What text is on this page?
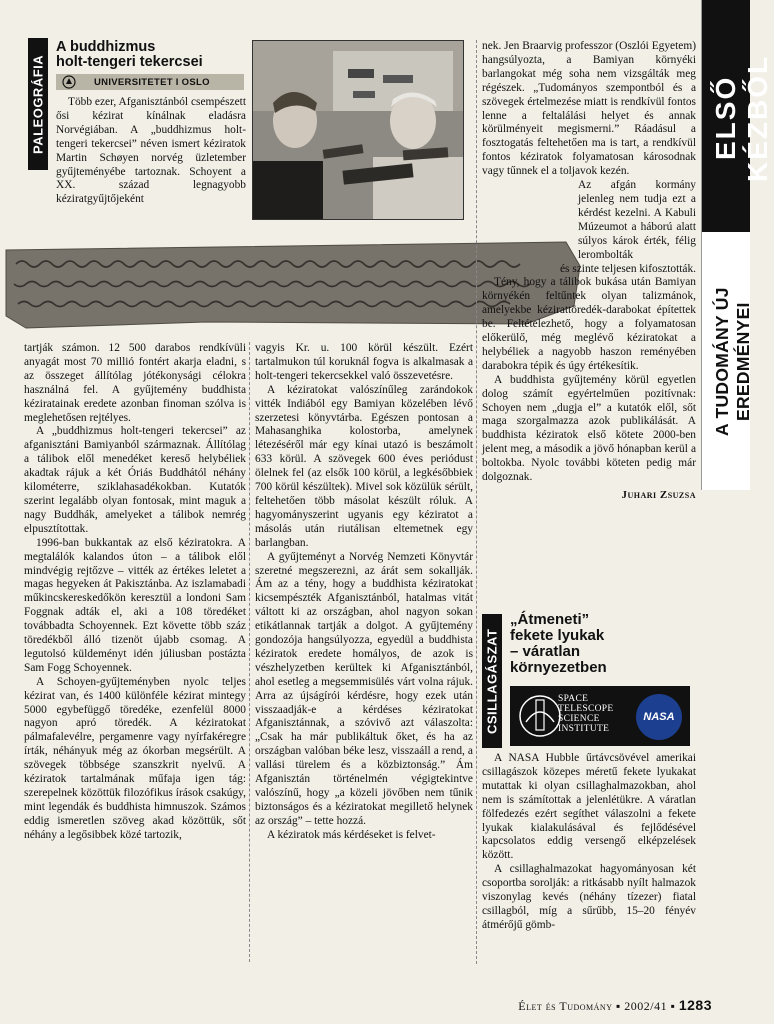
ELSŐ KÉZBŐL
A TUDOMÁNY ÚJ EREDMÉNYEI
PALEOGRÁFIA
A buddhizmus
holt-tengeri tekercsei
UNIVERSITETET I OSLO

Több ezer, Afganisztánból csempészett ősi kézirat kínálnak eladásra Norvégiában. A „buddhizmus holt-tengeri tekercsei” néven ismert kéziratok Martin Schøyen norvég üzletember gyűjteményébe tartoznak. Schoyent a XX. század legnagyobb kéziratgyűjtőjeként

tartják számon. 12 500 darabos rendkívüli anyagát most 70 millió fontért akarja eladni, s az összeget állítólag jótékonysági célokra használná fel. A gyűjtemény buddhista kéziratainak eredete azonban finoman szólva is meglehetősen rejtélyes.

A „buddhizmus holt-tengeri tekercsei” az afganisztáni Bamiyanból származnak. Állítólag a tálibok elől menedéket kereső helybéliek akadtak rájuk a két Óriás Buddhától néhány kilométerre, sziklahasadékokban. Kutatók szerint legalább olyan fontosak, mint maguk a nagy Buddhák, amelyeket a tálibok nemrég elpusztítottak.

1996-ban bukkantak az első kéziratokra. A megtalálók kalandos úton – a tálibok elől mindvégig rejtőzve – vitték az értékes leletet a magas hegyeken át Pakisztánba. Az iszlamabadi műkincskereskedőkön keresztül a londoni Sam Foggnak adták el, aki a 108 töredéket továbbadta Schoyennek. Ezt követte több száz töredékből álló tizenöt újabb csomag. A legutolsó küldeményt idén júliusban postázta Sam Fogg Schoyennek.

A Schoyen-gyűjteményben nyolc teljes kézirat van, és 1400 különféle kézirat mintegy 5000 egybefüggő töredéke, ezenfelül 8000 nagyon apró töredék. A kéziratokat pálmafalevélre, pergamenre vagy nyírfakéregre írták, néhányuk még az ókorban megsérült. A szövegek többsége szanszkrit nyelvű. A kéziratok tartalmának műfaja igen tág: szerepelnek közöttük filozófikus írások csakúgy, mint legendák és buddhista himnuszok. Számos eddig ismeretlen szöveg akad közöttük, sőt néhány a legősibbek közé tartozik,

vagyis Kr. u. 100 körül készült. Ezért tartalmukon túl koruknál fogva is alkalmasak a holt-tengeri tekercsekkel való összevetésre.

A kéziratokat valószínűleg zarándokok vitték Indiából egy Bamiyan közelében lévő szerzetesi könyvtárba. Egészen pontosan a Mahasanghika kolostorba, amelynek létezéséről már egy kínai utazó is beszámolt 633 körül. A szövegek 600 éves periódust ölelnek fel (az elsők 100 körül, a legkésőbbiek 700 körül készültek). Mivel sok közülük sérült, feltehetően több másolat készült róluk. A hagyományszerint ugyanis egy kéziratot a másolás után riutálisan eltemetnek egy barlangban.

A gyűjteményt a Norvég Nemzeti Könyvtár szeretné megszerezni, az árát sem sokallják. Ám az a tény, hogy a buddhista kéziratokat kicsempészték Afganisztánból, hatalmas vitát váltott ki az országban, ahol nagyon sokan etikátlannak tartják a dolgot. A gyűjtemény gondozója hangsúlyozza, egyedül a buddhista kéziratok eredete homályos, de azok is vészhelyzetben kerültek ki Afganisztánból, ahol esetleg a megsemmisülés várt volna rájuk. Arra az újságírói kérdésre, hogy ezek után visszaadják-e a kérdéses kéziratokat Afganisztánnak, a szóvivő azt válaszolta: „Csak ha már publikáltuk őket, és ha az országban valóban béke lesz, visszaáll a rend, a vallási türelem és a közbiztonság.” Ám Afganisztán történelmén végigtekintve valószínű, hogy „a közeli jövőben nem tűnik biztonságos és a kéziratokat megillető helynek az ország” – tette hozzá.

A kéziratok más kérdéseket is felvet-

nek. Jen Braarvig professzor (Oszlói Egyetem) hangsúlyozta, a Bamiyan környéki barlangokat még soha nem vizsgálták meg régészek. „Tudományos szempontból és a szövegek értelmezése miatt is rendkívül fontos lenne a feltalálási helyet és annak körülményeit megismerni.” Ráadásul a fosztogatás feltehetően ma is tart, a rendkívül fontos kéziratok folyamatosan károsodnak vagy tűnnek el a toljavok kezén.

Az afgán kormány jelenleg nem tudja ezt a kérdést kezelni. A Kabuli Múzeumot a háború alatt súlyos károk érték, félig lerombolták

és szinte teljesen kifosztották.

Tény, hogy a tálibok bukása után Bamiyan környékén feltűntek olyan talizmánok, amelyekbe kézirattöredék-darabokat építettek be. Feltételezhető, hogy a folyamatosan előkerülő, még meglévő kéziratokat a helybéliek a nagyobb haszon reményében darabokra tépik és úgy értékesítik.

A buddhista gyűjtemény körül egyetlen dolog számít egyértelműen pozitívnak: Schoyen nem „dugja el” a kutatók elől, sőt maga szorgalmazza azok publikálását. A buddhista kéziratok első kötete 2000-ben jelent meg, a második a jövő hónapban kerül a boltokba. Nyolc további köteten pedig már dolgoznak.

Juhari Zsuzsa
CSILLAGÁSZAT
„Átmeneti”
fekete lyukak
– váratlan
környezetben
SPACE
TELESCOPE
SCIENCE
INSTITUTE
NASA

A NASA Hubble űrtávcsövével amerikai csillagászok közepes méretű fekete lyukakat mutattak ki olyan csillaghalmazokban, ahol nem is számítottak a jelenlétükre. A váratlan fölfedezés ezért segíthet válaszolni a fekete lyukak kialakulásával és fejlődésével kapcsolatos eddig versengő elképzelések között.

A csillaghalmazokat hagyományosan két csoportba sorolják: a ritkásabb nyílt halmazok viszonylag kevés (néhány tízezer) fiatal csillagból, míg a sűrűbb, 15–20 fényév átmérőjű gömb-

Élet és Tudomány ▪ 2002/41 ▪ 1283
